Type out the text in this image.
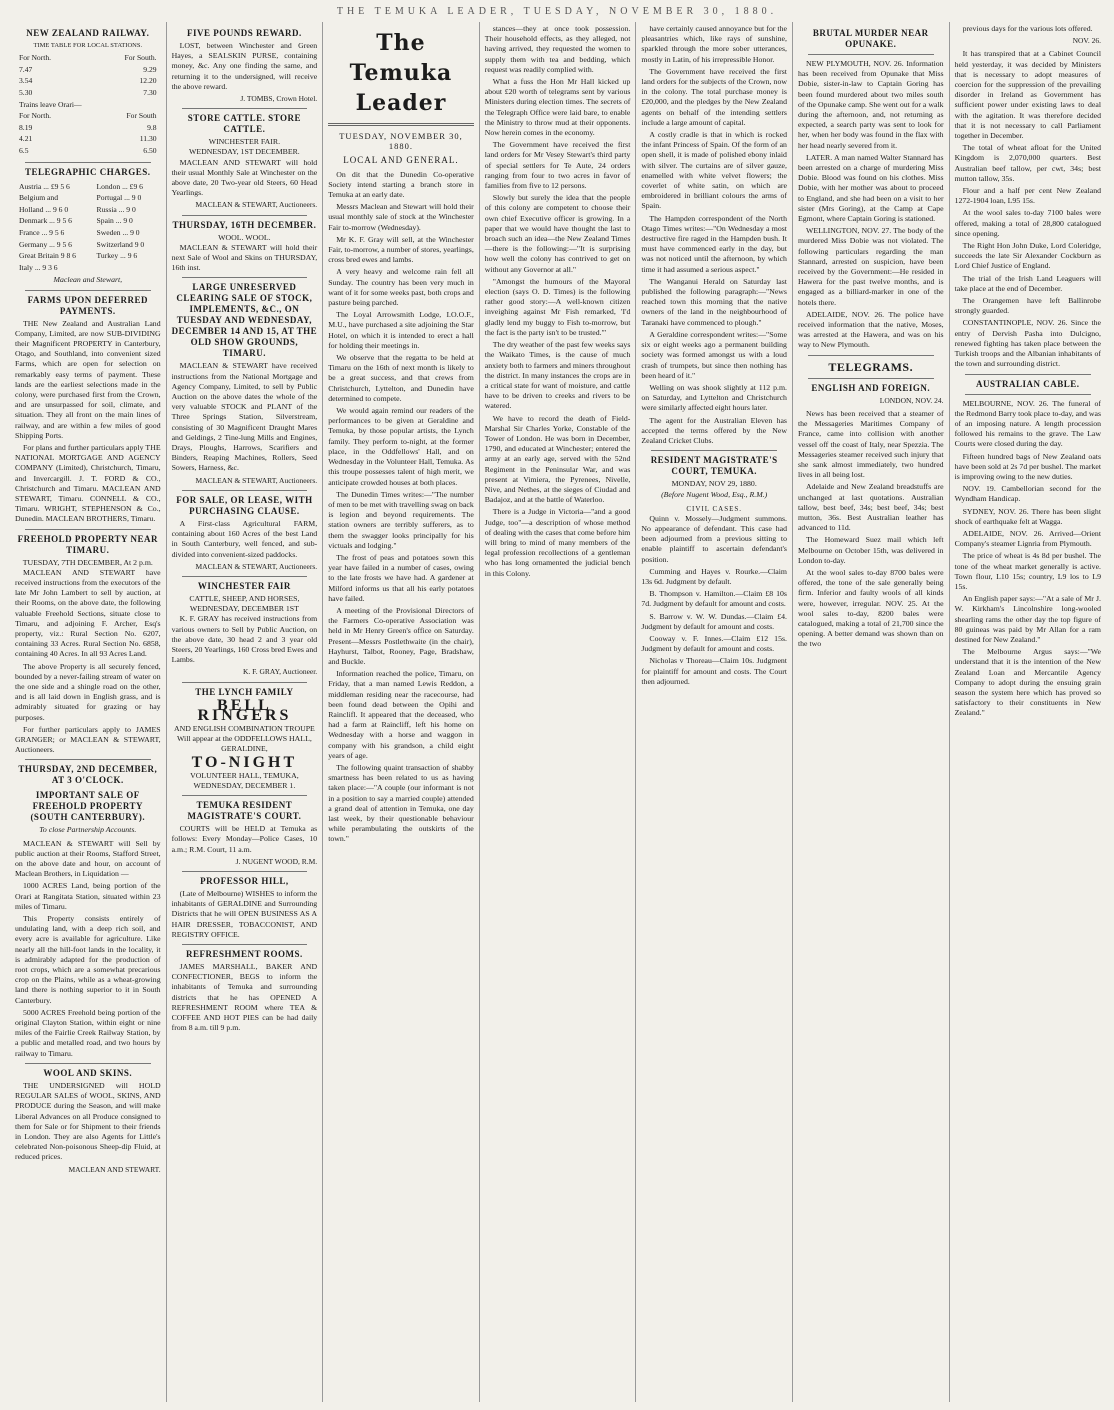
THE TEMUKA LEADER, TUESDAY, NOVEMBER 30, 1880.
NEW ZEALAND RAILWAY.
TIME TABLE FOR LOCAL STATIONS.
For North.	For South.
7.47	9.29
3.54	12.20
5.30	7.30
Trains leave Orari—	
For North.	For South
8.19	9.8
4.21	11.30
6.5	6.50
TELEGRAPHIC CHARGES.
Austria ... £9 5 6	London ... £9 6
Belgium and	Portugal ... 9 0
Holland ... 9 6 0	Russia ... 9 0
Denmark ... 9 5 6	Spain ... 9 0
France ... 9 5 6	Sweden ... 9 0
Germany ... 9 5 6	Switzerland 9 0
Great Britain 9 8 6	Turkey ... 9 6
Italy ... 9 3 6	
Maclean and Stewart,
FARMS UPON DEFERRED PAYMENTS.

THE New Zealand and Australian Land Company, Limited, are now SUB-DIVIDING their Magnificent PROPERTY in Canterbury, Otago, and Southland, into convenient sized Farms, which are open for selection on remarkably easy terms of payment. These lands are the earliest selections made in the colony, were purchased first from the Crown, and are unsurpassed for soil, climate, and situation. They all front on the main lines of railway, and are within a few miles of good Shipping Ports.

For plans and further particulars apply THE NATIONAL MORTGAGE AND AGENCY COMPANY (Limited), Christchurch, Timaru, and Invercargill. J. T. FORD & CO., Christchurch and Timaru. MACLEAN AND STEWART, Timaru. CONNELL & CO., Timaru. WRIGHT, STEPHENSON & Co., Dunedin. MACLEAN BROTHERS, Timaru.

FREEHOLD PROPERTY NEAR TIMARU.
TUESDAY, 7TH DECEMBER, At 2 p.m.

MACLEAN AND STEWART have received instructions from the executors of the late Mr John Lambert to sell by auction, at their Rooms, on the above date, the following valuable Freehold Sections, situate close to Timaru, and adjoining F. Archer, Esq's property, viz.: Rural Section No. 6207, containing 33 Acres. Rural Section No. 6858, containing 40 Acres. In all 93 Acres Land.

The above Property is all securely fenced, bounded by a never-failing stream of water on the one side and a shingle road on the other, and is all laid down in English grass, and is admirably situated for grazing or hay purposes.

For further particulars apply to JAMES GRANGER; or MACLEAN & STEWART, Auctioneers.

THURSDAY, 2ND DECEMBER, AT 3 O'CLOCK.
IMPORTANT SALE OF FREEHOLD PROPERTY (SOUTH CANTERBURY).
To close Partnership Accounts.

MACLEAN & STEWART will Sell by public auction at their Rooms, Stafford Street, on the above date and hour, on account of Maclean Brothers, in Liquidation —

1000 ACRES Land, being portion of the Orari at Rangitata Station, situated within 23 miles of Timaru.

This Property consists entirely of undulating land, with a deep rich soil, and every acre is available for agriculture. Like nearly all the hill-foot lands in the locality, it is admirably adapted for the production of root crops, which are a somewhat precarious crop on the Plains, while as a wheat-growing land there is nothing superior to it in South Canterbury.

5000 ACRES Freehold being portion of the original Clayton Station, within eight or nine miles of the Fairlie Creek Railway Station, by a public and metalled road, and two hours by railway to Timaru.

WOOL AND SKINS.

THE UNDERSIGNED will HOLD REGULAR SALES of WOOL, SKINS, AND PRODUCE during the Season, and will make Liberal Advances on all Produce consigned to them for Sale or for Shipment to their friends in London. They are also Agents for Little's celebrated Non-poisonous Sheep-dip Fluid, at reduced prices.

MACLEAN AND STEWART.
FIVE POUNDS REWARD.

LOST, between Winchester and Green Hayes, a SEALSKIN PURSE, containing money, &c. Any one finding the same, and returning it to the undersigned, will receive the above reward.

J. TOMBS, Crown Hotel.
STORE CATTLE. STORE CATTLE.
WINCHESTER FAIR.
WEDNESDAY, 1ST DECEMBER.

MACLEAN AND STEWART will hold their usual Monthly Sale at Winchester on the above date, 20 Two-year old Steers, 60 Head Yearlings.

MACLEAN & STEWART, Auctioneers.
THURSDAY, 16TH DECEMBER.
WOOL. WOOL.

MACLEAN & STEWART will hold their next Sale of Wool and Skins on THURSDAY, 16th inst.

LARGE UNRESERVED CLEARING SALE OF STOCK, IMPLEMENTS, &C., ON TUESDAY AND WEDNESDAY, DECEMBER 14 AND 15, AT THE OLD SHOW GROUNDS, TIMARU.

MACLEAN & STEWART have received instructions from the National Mortgage and Agency Company, Limited, to sell by Public Auction on the above dates the whole of the very valuable STOCK and PLANT of the Three Springs Station, Silverstream, consisting of 30 Magnificent Draught Mares and Geldings, 2 Tine-lung Mills and Engines, Drays, Ploughs, Harrows, Scarifiers and Binders, Reaping Machines, Rollers, Seed Sowers, Harness, &c.

MACLEAN & STEWART, Auctioneers.
FOR SALE, OR LEASE, WITH PURCHASING CLAUSE.

A First-class Agricultural FARM, containing about 160 Acres of the best Land in South Canterbury, well fenced, and sub-divided into convenient-sized paddocks.

MACLEAN & STEWART, Auctioneers.
WINCHESTER FAIR
CATTLE, SHEEP, AND HORSES,
WEDNESDAY, DECEMBER 1ST

K. F. GRAY has received instructions from various owners to Sell by Public Auction, on the above date, 30 head 2 and 3 year old Steers, 20 Yearlings, 160 Cross bred Ewes and Lambs.

K. F. GRAY, Auctioneer.
THE LYNCH FAMILY
BELL RINGERS
AND ENGLISH COMBINATION TROUPE Will appear at the ODDFELLOWS HALL, GERALDINE,
TO-NIGHT
VOLUNTEER HALL, TEMUKA, WEDNESDAY, DECEMBER 1.
TEMUKA RESIDENT MAGISTRATE'S COURT.

COURTS will be HELD at Temuka as follows: Every Monday—Police Cases, 10 a.m.; R.M. Court, 11 a.m.

J. NUGENT WOOD, R.M.
PROFESSOR HILL,

(Late of Melbourne) WISHES to inform the inhabitants of GERALDINE and Surrounding Districts that he will OPEN BUSINESS AS A HAIR DRESSER, TOBACCONIST, AND REGISTRY OFFICE.

REFRESHMENT ROOMS.

JAMES MARSHALL, BAKER AND CONFECTIONER, BEGS to inform the inhabitants of Temuka and surrounding districts that he has OPENED A REFRESHMENT ROOM where TEA & COFFEE AND HOT PIES can be had daily from 8 a.m. till 9 p.m.

The Temuka Leader
TUESDAY, NOVEMBER 30, 1880.
LOCAL AND GENERAL.

On dit that the Dunedin Co-operative Society intend starting a branch store in Temuka at an early date.

Messrs Maclean and Stewart will hold their usual monthly sale of stock at the Winchester Fair to-morrow (Wednesday).

Mr K. F. Gray will sell, at the Winchester Fair, to-morrow, a number of stores, yearlings, cross bred ewes and lambs.

A very heavy and welcome rain fell all Sunday. The country has been very much in want of it for some weeks past, both crops and pasture being parched.

The Loyal Arrowsmith Lodge, I.O.O.F., M.U., have purchased a site adjoining the Star Hotel, on which it is intended to erect a hall for holding their meetings in.

We observe that the regatta to be held at Timaru on the 16th of next month is likely to be a great success, and that crews from Christchurch, Lyttelton, and Dunedin have determined to compete.

We would again remind our readers of the performances to be given at Geraldine and Temuka, by those popular artists, the Lynch family. They perform to-night, at the former place, in the Oddfellows' Hall, and on Wednesday in the Volunteer Hall, Temuka. As this troupe possesses talent of high merit, we anticipate crowded houses at both places.

The Dunedin Times writes:—"The number of men to be met with travelling swag on back is legion and beyond requirements. The station owners are terribly sufferers, as to them the swagger looks principally for his victuals and lodging."

The frost of peas and potatoes sown this year have failed in a number of cases, owing to the late frosts we have had. A gardener at Milford informs us that all his early potatoes have failed.

A meeting of the Provisional Directors of the Farmers Co-operative Association was held in Mr Henry Green's office on Saturday. Present—Messrs Postlethwaite (in the chair), Hayhurst, Talbot, Rooney, Page, Bradshaw, and Buckle.

Information reached the police, Timaru, on Friday, that a man named Lewis Reddon, a middleman residing near the racecourse, had been found dead between the Opihi and Rainclifl. It appeared that the deceased, who had a farm at Raincliff, left his home on Wednesday with a horse and waggon in company with his grandson, a child eight years of age.

The following quaint transaction of shabby smartness has been related to us as having taken place:—"A couple (our informant is not in a position to say a married couple) attended a grand deal of attention in Temuka, one day last week, by their questionable behaviour while perambulating the outskirts of the town."

stances—they at once took possession. Their household effects, as they alleged, not having arrived, they requested the women to supply them with tea and bedding, which request was readily complied with.

What a fuss the Hon Mr Hall kicked up about £20 worth of telegrams sent by various Ministers during election times. The secrets of the Telegraph Office were laid bare, to enable the Ministry to throw mud at their opponents. Now herein comes in the economy.

The Government have received the first land orders for Mr Vesey Stewart's third party of special settlers for Te Aute, 24 orders ranging from four to two acres in favor of families from five to 12 persons.

Slowly but surely the idea that the people of this colony are competent to choose their own chief Executive officer is growing. In a paper that we would have thought the last to broach such an idea—the New Zealand Times—there is the following:—"It is surprising how well the colony has contrived to get on without any Governor at all."

"Amongst the humours of the Mayoral election (says O. D. Times) is the following rather good story:—A well-known citizen inveighing against Mr Fish remarked, 'I'd gladly lend my buggy to Fish to-morrow, but the fact is the party isn't to be trusted.'"

The dry weather of the past few weeks says the Waikato Times, is the cause of much anxiety both to farmers and miners throughout the district. In many instances the crops are in a critical state for want of moisture, and cattle have to be driven to creeks and rivers to be watered.

We have to record the death of Field-Marshal Sir Charles Yorke, Constable of the Tower of London. He was born in December, 1790, and educated at Winchester; entered the army at an early age, served with the 52nd Regiment in the Peninsular War, and was present at Vimiera, the Pyrenees, Nivelle, Nive, and Nethes, at the sieges of Ciudad and Badajoz, and at the battle of Waterloo.

There is a Judge in Victoria—"and a good Judge, too"—a description of whose method of dealing with the cases that come before him will bring to mind of many members of the legal profession recollections of a gentleman who has long ornamented the judicial bench in this Colony.

have certainly caused annoyance but for the pleasantries which, like rays of sunshine, sparkled through the more sober utterances, mostly in Latin, of his irrepressible Honor.

The Government have received the first land orders for the subjects of the Crown, now in the colony. The total purchase money is £20,000, and the pledges by the New Zealand agents on behalf of the intending settlers include a large amount of capital.

A costly cradle is that in which is rocked the infant Princess of Spain. Of the form of an open shell, it is made of polished ebony inlaid with silver. The curtains are of silver gauze, enamelled with white velvet flowers; the coverlet of white satin, on which are embroidered in brilliant colours the arms of Spain.

The Hampden correspondent of the North Otago Times writes:—"On Wednesday a most destructive fire raged in the Hampden bush. It must have commenced early in the day, but was not noticed until the afternoon, by which time it had assumed a serious aspect."

The Wanganui Herald on Saturday last published the following paragraph:—"News reached town this morning that the native owners of the land in the neighbourhood of Taranaki have commenced to plough."

A Geraldine correspondent writes:—"Some six or eight weeks ago a permanent building society was formed amongst us with a loud crash of trumpets, but since then nothing has been heard of it."

Welling on was shook slightly at 112 p.m. on Saturday, and Lyttelton and Christchurch were similarly affected eight hours later.

The agent for the Australian Eleven has accepted the terms offered by the New Zealand Cricket Clubs.

RESIDENT MAGISTRATE'S COURT, TEMUKA.
MONDAY, NOV 29, 1880.
(Before Nugent Wood, Esq., R.M.)
CIVIL CASES.

Quinn v. Mossely—Judgment summons. No appearance of defendant. This case had been adjourned from a previous sitting to enable plaintiff to ascertain defendant's position.

Cumming and Hayes v. Rourke.—Claim 13s 6d. Judgment by default.

B. Thompson v. Hamilton.—Claim £8 10s 7d. Judgment by default for amount and costs.

S. Barrow v. W. W. Dundas.—Claim £4. Judgment by default for amount and costs.

Cooway v. F. Innes.—Claim £12 15s. Judgment by default for amount and costs.

Nicholas v Thoreau—Claim 10s. Judgment for plaintiff for amount and costs. The Court then adjourned.

BRUTAL MURDER NEAR OPUNAKE.

NEW PLYMOUTH, NOV. 26. Information has been received from Opunake that Miss Dobie, sister-in-law to Captain Goring has been found murdered about two miles south of the Opunake camp. She went out for a walk during the afternoon, and, not returning as expected, a search party was sent to look for her, when her body was found in the flax with her head nearly severed from it.

LATER. A man named Walter Stannard has been arrested on a charge of murdering Miss Dobie. Blood was found on his clothes. Miss Dobie, with her mother was about to proceed to England, and she had been on a visit to her sister (Mrs Goring), at the Camp at Cape Egmont, where Captain Goring is stationed.

WELLINGTON, NOV. 27. The body of the murdered Miss Dobie was not violated. The following particulars regarding the man Stannard, arrested on suspicion, have been received by the Government:—He resided in Hawera for the past twelve months, and is engaged as a billiard-marker in one of the hotels there.

ADELAIDE, NOV. 26. The police have received information that the native, Moses, was arrested at the Hawera, and was on his way to New Plymouth.

TELEGRAMS.
ENGLISH AND FOREIGN.
LONDON, NOV. 24.

News has been received that a steamer of the Messageries Maritimes Company of France, came into collision with another vessel off the coast of Italy, near Spezzia. The Messageries steamer received such injury that she sank almost immediately, two hundred lives in all being lost.

Adelaide and New Zealand breadstuffs are unchanged at last quotations. Australian tallow, best beef, 34s; best beef, 34s; best mutton, 36s. Best Australian leather has advanced to 11d.

The Homeward Suez mail which left Melbourne on October 15th, was delivered in London to-day.

At the wool sales to-day 8700 bales were offered, the tone of the sale generally being firm. Inferior and faulty wools of all kinds were, however, irregular. NOV. 25. At the wool sales to-day, 8200 bales were catalogued, making a total of 21,700 since the opening. A better demand was shown than on the two

previous days for the various lots offered.

NOV. 26.

It has transpired that at a Cabinet Council held yesterday, it was decided by Ministers that is necessary to adopt measures of coercion for the suppression of the prevailing disorder in Ireland as Government has sufficient power under existing laws to deal with the agitation. It was therefore decided that it is not necessary to call Parliament together in December.

The total of wheat afloat for the United Kingdom is 2,070,000 quarters. Best Australian beef tallow, per cwt, 34s; best mutton tallow, 35s.

Flour and a half per cent New Zealand 1272-1904 loan, L95 15s.

At the wool sales to-day 7100 bales were offered, making a total of 28,800 catalogued since opening.

The Right Hon John Duke, Lord Coleridge, succeeds the late Sir Alexander Cockburn as Lord Chief Justice of England.

The trial of the Irish Land Leaguers will take place at the end of December.

The Orangemen have left Ballinrobe strongly guarded.

CONSTANTINOPLE, NOV. 26. Since the entry of Dervish Pasha into Dulcigno, renewed fighting has taken place between the Turkish troops and the Albanian inhabitants of the town and surrounding district.

AUSTRALIAN CABLE.

MELBOURNE, NOV. 26. The funeral of the Redmond Barry took place to-day, and was of an imposing nature. A length procession followed his remains to the grave. The Law Courts were closed during the day.

Fifteen hundred bags of New Zealand oats have been sold at 2s 7d per bushel. The market is improving owing to the new duties.

NOV. 19. Cambellorian second for the Wyndham Handicap.

SYDNEY, NOV. 26. There has been slight shock of earthquake felt at Wagga.

ADELAIDE, NOV. 26. Arrived—Orient Company's steamer Lignria from Plymouth.

The price of wheat is 4s 8d per bushel. The tone of the wheat market generally is active. Town flour, L10 15s; country, L9 los to L9 15s.

An English paper says:—"At a sale of Mr J. W. Kirkham's Lincolnshire long-wooled shearling rams the other day the top figure of 80 guineas was paid by Mr Allan for a ram destined for New Zealand."

The Melbourne Argus says:—"We understand that it is the intention of the New Zealand Loan and Mercantile Agency Company to adopt during the ensuing grain season the system here which has proved so satisfactory to their constituents in New Zealand."
